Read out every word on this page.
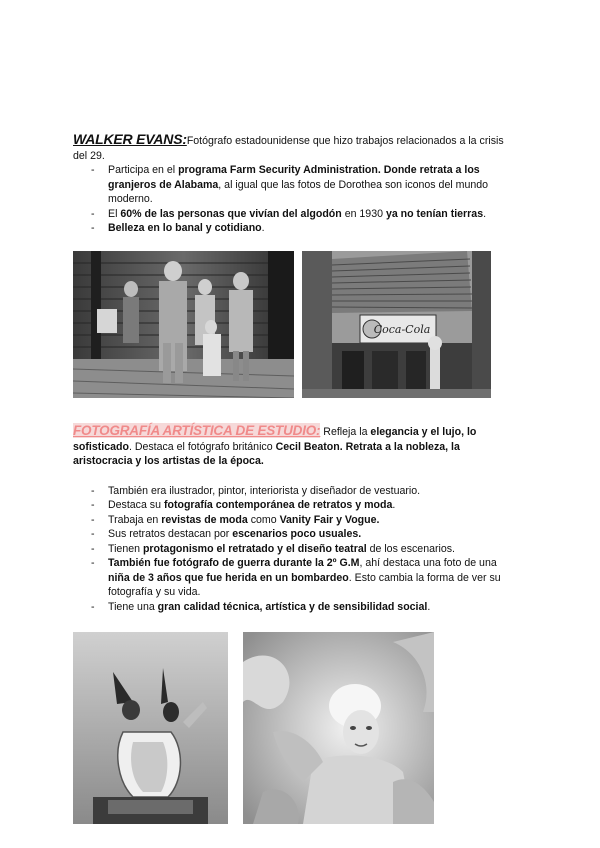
WALKER EVANS:Fotógrafo estadounidense que hizo trabajos relacionados a la crisis del 29.

- Participa en el programa Farm Security Administration. Donde retrata a los granjeros de Alabama, al igual que las fotos de Dorothea son iconos del mundo moderno.
- El 60% de las personas que vivían del algodón en 1930 ya no tenían tierras.
- Belleza en lo banal y cotidiano.
Coca-Cola

FOTOGRAFÍA ARTÍSTICA DE ESTUDIO: Refleja la elegancia y el lujo, lo sofisticado. Destaca el fotógrafo británico Cecil Beaton. Retrata a la nobleza, la aristocracia y los artistas de la época.

- También era ilustrador, pintor, interiorista y diseñador de vestuario.
- Destaca su fotografía contemporánea de retratos y moda.
- Trabaja en revistas de moda como Vanity Fair y Vogue.
- Sus retratos destacan por escenarios poco usuales.
- Tienen protagonismo el retratado y el diseño teatral de los escenarios.
- También fue fotógrafo de guerra durante la 2º G.M, ahí destaca una foto de una niña de 3 años que fue herida en un bombardeo. Esto cambia la forma de ver su fotografía y su vida.
- Tiene una gran calidad técnica, artística y de sensibilidad social.
